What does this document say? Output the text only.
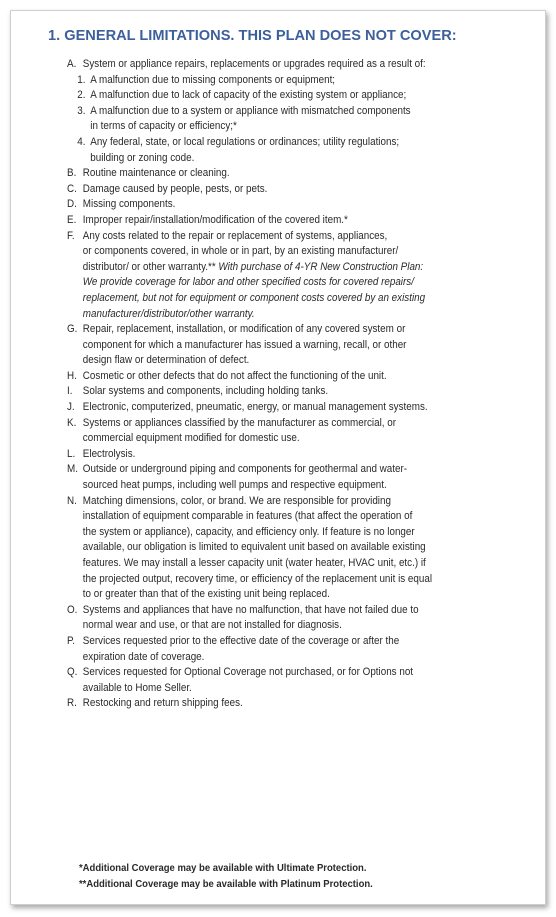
1. GENERAL LIMITATIONS. THIS PLAN DOES NOT COVER:
A. System or appliance repairs, replacements or upgrades required as a result of:
1. A malfunction due to missing components or equipment;
2. A malfunction due to lack of capacity of the existing system or appliance;
3. A malfunction due to a system or appliance with mismatched components
in terms of capacity or efficiency;*
4. Any federal, state, or local regulations or ordinances; utility regulations;
building or zoning code.
B. Routine maintenance or cleaning.
C. Damage caused by people, pests, or pets.
D. Missing components.
E. Improper repair/installation/modification of the covered item.*
F. Any costs related to the repair or replacement of systems, appliances,
or components covered, in whole or in part, by an existing manufacturer/
distributor/ or other warranty.** With purchase of 4-YR New Construction Plan:
We provide coverage for labor and other specified costs for covered repairs/
replacement, but not for equipment or component costs covered by an existing
manufacturer/distributor/other warranty.
G. Repair, replacement, installation, or modification of any covered system or
component for which a manufacturer has issued a warning, recall, or other
design flaw or determination of defect.
H. Cosmetic or other defects that do not affect the functioning of the unit.
I. Solar systems and components, including holding tanks.
J. Electronic, computerized, pneumatic, energy, or manual management systems.
K. Systems or appliances classified by the manufacturer as commercial, or
commercial equipment modified for domestic use.
L. Electrolysis.
M. Outside or underground piping and components for geothermal and water-
sourced heat pumps, including well pumps and respective equipment.
N. Matching dimensions, color, or brand. We are responsible for providing
installation of equipment comparable in features (that affect the operation of
the system or appliance), capacity, and efficiency only. If feature is no longer
available, our obligation is limited to equivalent unit based on available existing
features. We may install a lesser capacity unit (water heater, HVAC unit, etc.) if
the projected output, recovery time, or efficiency of the replacement unit is equal
to or greater than that of the existing unit being replaced.
O. Systems and appliances that have no malfunction, that have not failed due to
normal wear and use, or that are not installed for diagnosis.
P. Services requested prior to the effective date of the coverage or after the
expiration date of coverage.
Q. Services requested for Optional Coverage not purchased, or for Options not
available to Home Seller.
R. Restocking and return shipping fees.
*Additional Coverage may be available with Ultimate Protection.
**Additional Coverage may be available with Platinum Protection.
